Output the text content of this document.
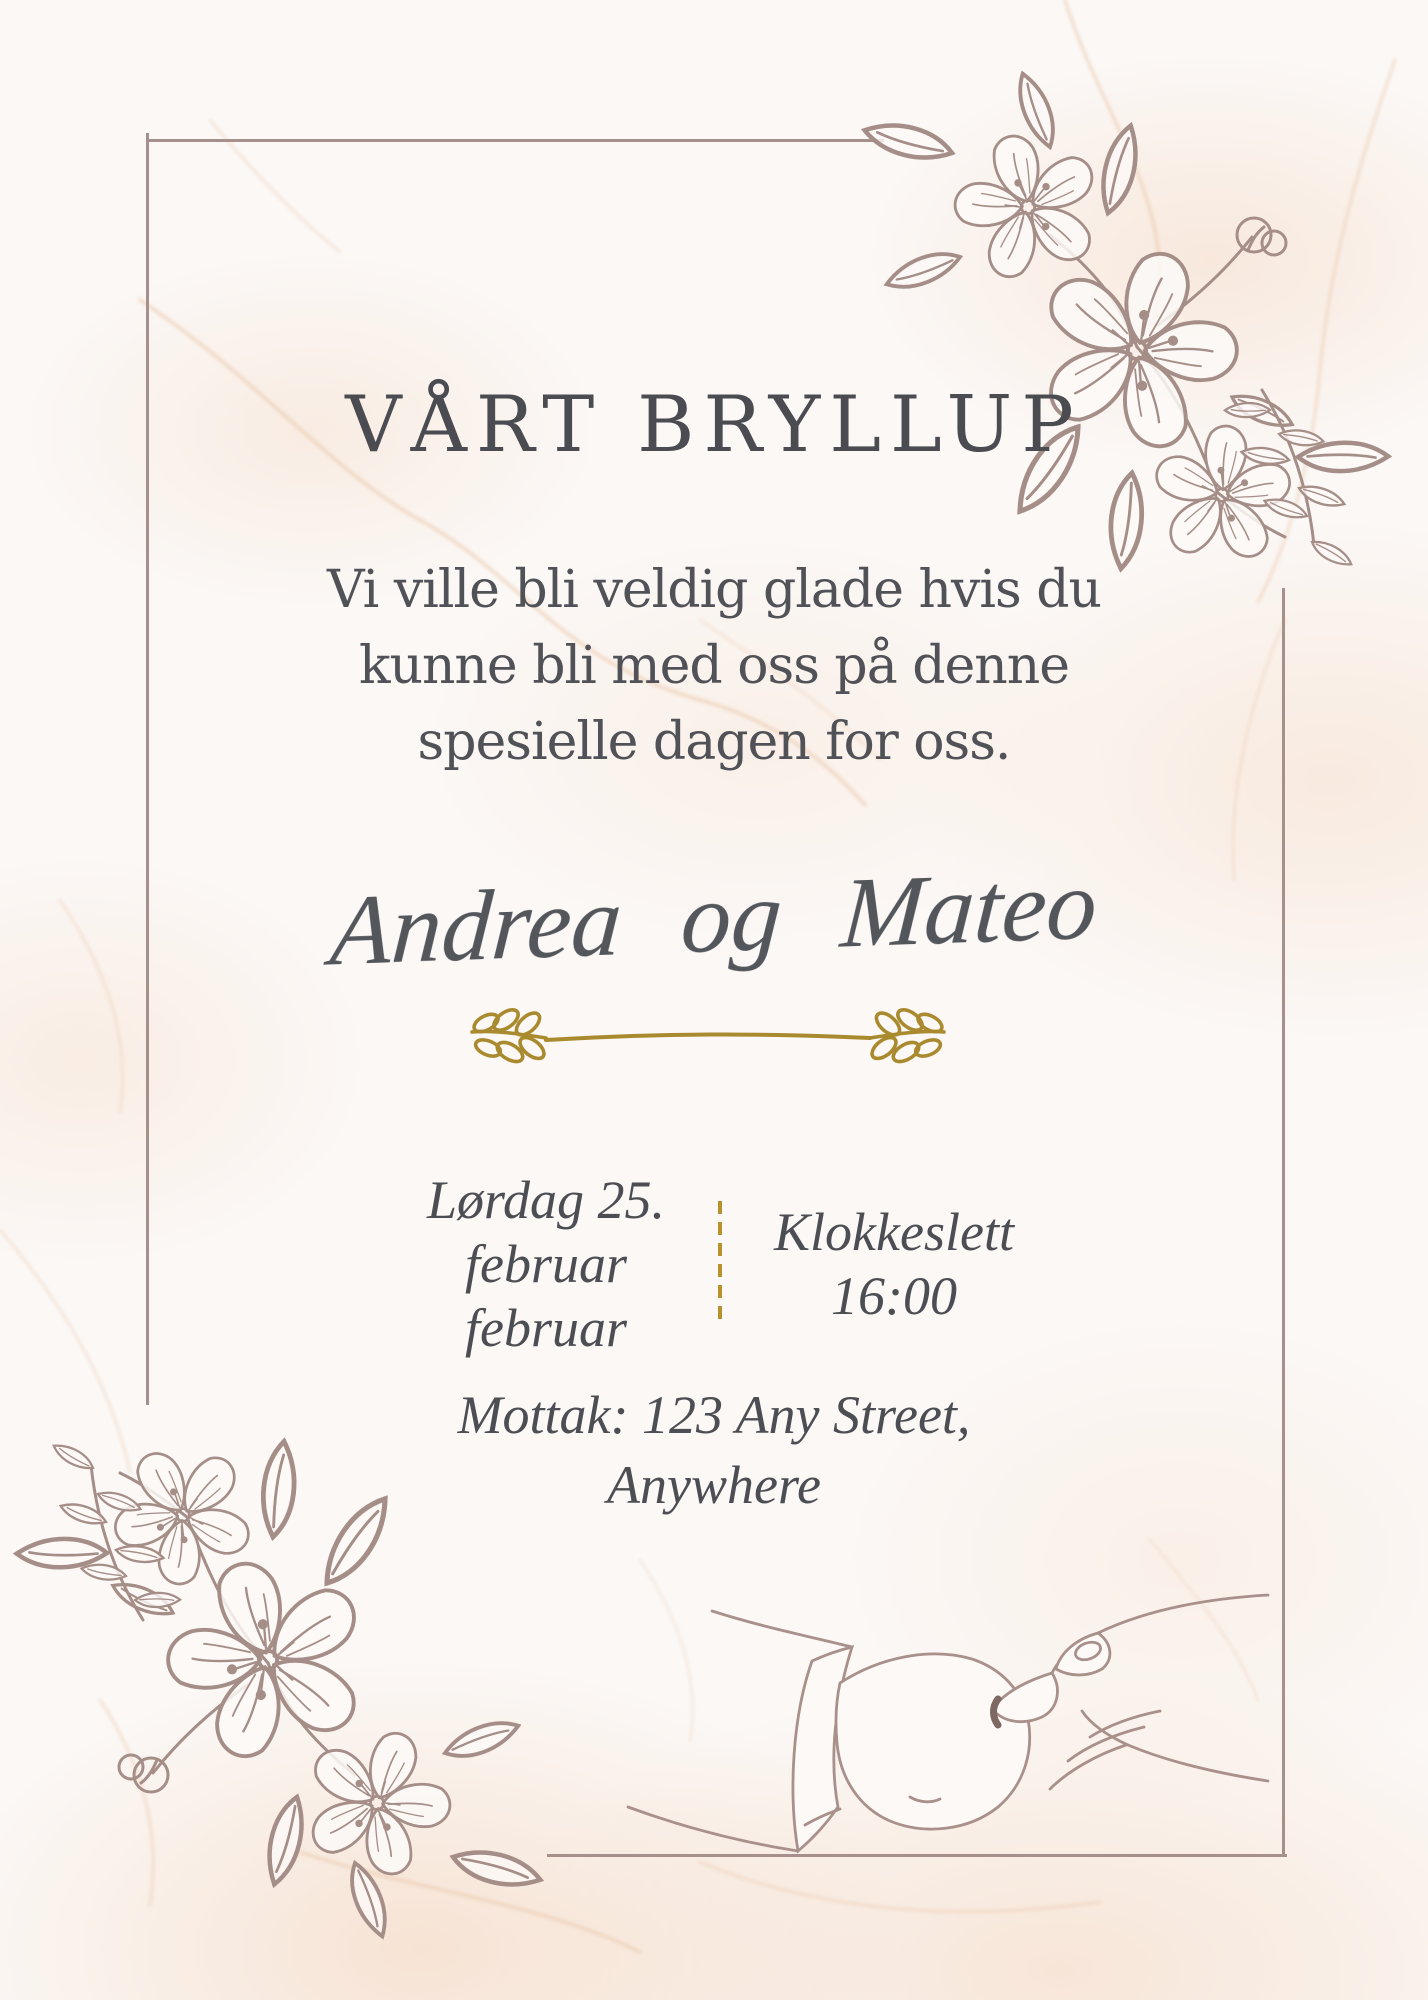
VÅRT BRYLLUP
Vi ville bli veldig glade hvis du
kunne bli med oss på denne
spesielle dagen for oss.
Andrea og Mateo
Lørdag 25.
februar
februar
Klokkeslett
16:00
Mottak: 123 Any Street,
Anywhere
